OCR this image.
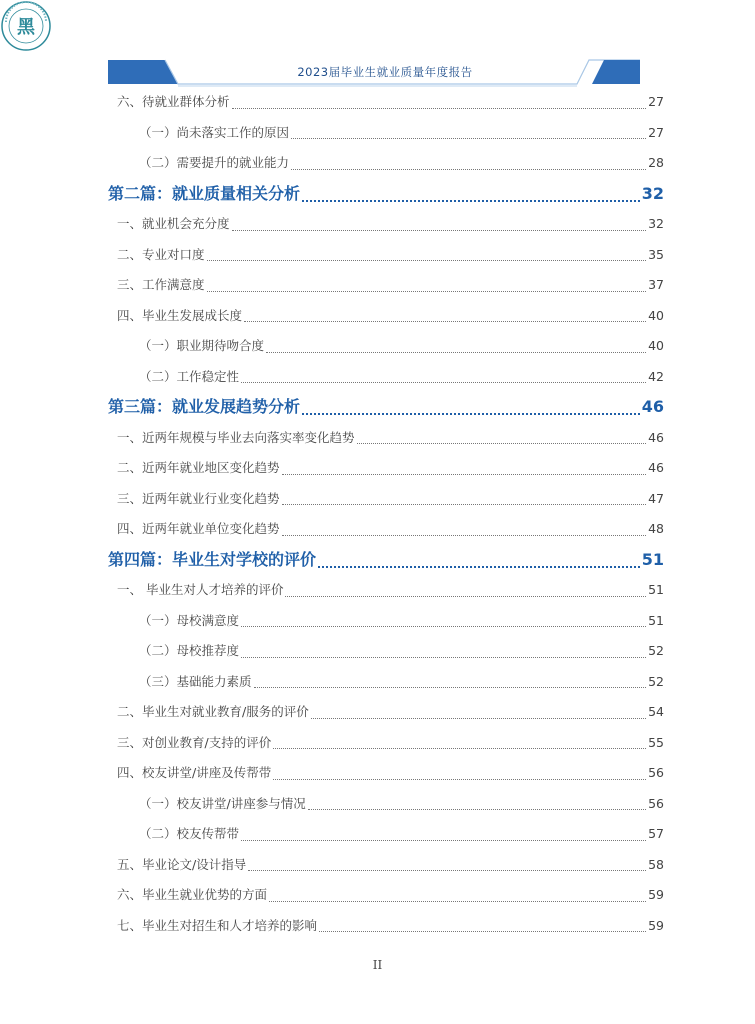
2023届毕业生就业质量年度报告
黑
六、待就业群体分析	27
（一）尚未落实工作的原因	27
（二）需要提升的就业能力	28
第二篇：就业质量相关分析	32
一、就业机会充分度	32
二、专业对口度	35
三、工作满意度	37
四、毕业生发展成长度	40
（一）职业期待吻合度	40
（二）工作稳定性	42
第三篇：就业发展趋势分析	46
一、近两年规模与毕业去向落实率变化趋势	46
二、近两年就业地区变化趋势	46
三、近两年就业行业变化趋势	47
四、近两年就业单位变化趋势	48
第四篇：毕业生对学校的评价	51
一、 毕业生对人才培养的评价	51
（一）母校满意度	51
（二）母校推荐度	52
（三）基础能力素质	52
二、毕业生对就业教育/服务的评价	54
三、对创业教育/支持的评价	55
四、校友讲堂/讲座及传帮带	56
（一）校友讲堂/讲座参与情况	56
（二）校友传帮带	57
五、毕业论文/设计指导	58
六、毕业生就业优势的方面	59
七、毕业生对招生和人才培养的影响	59
II
